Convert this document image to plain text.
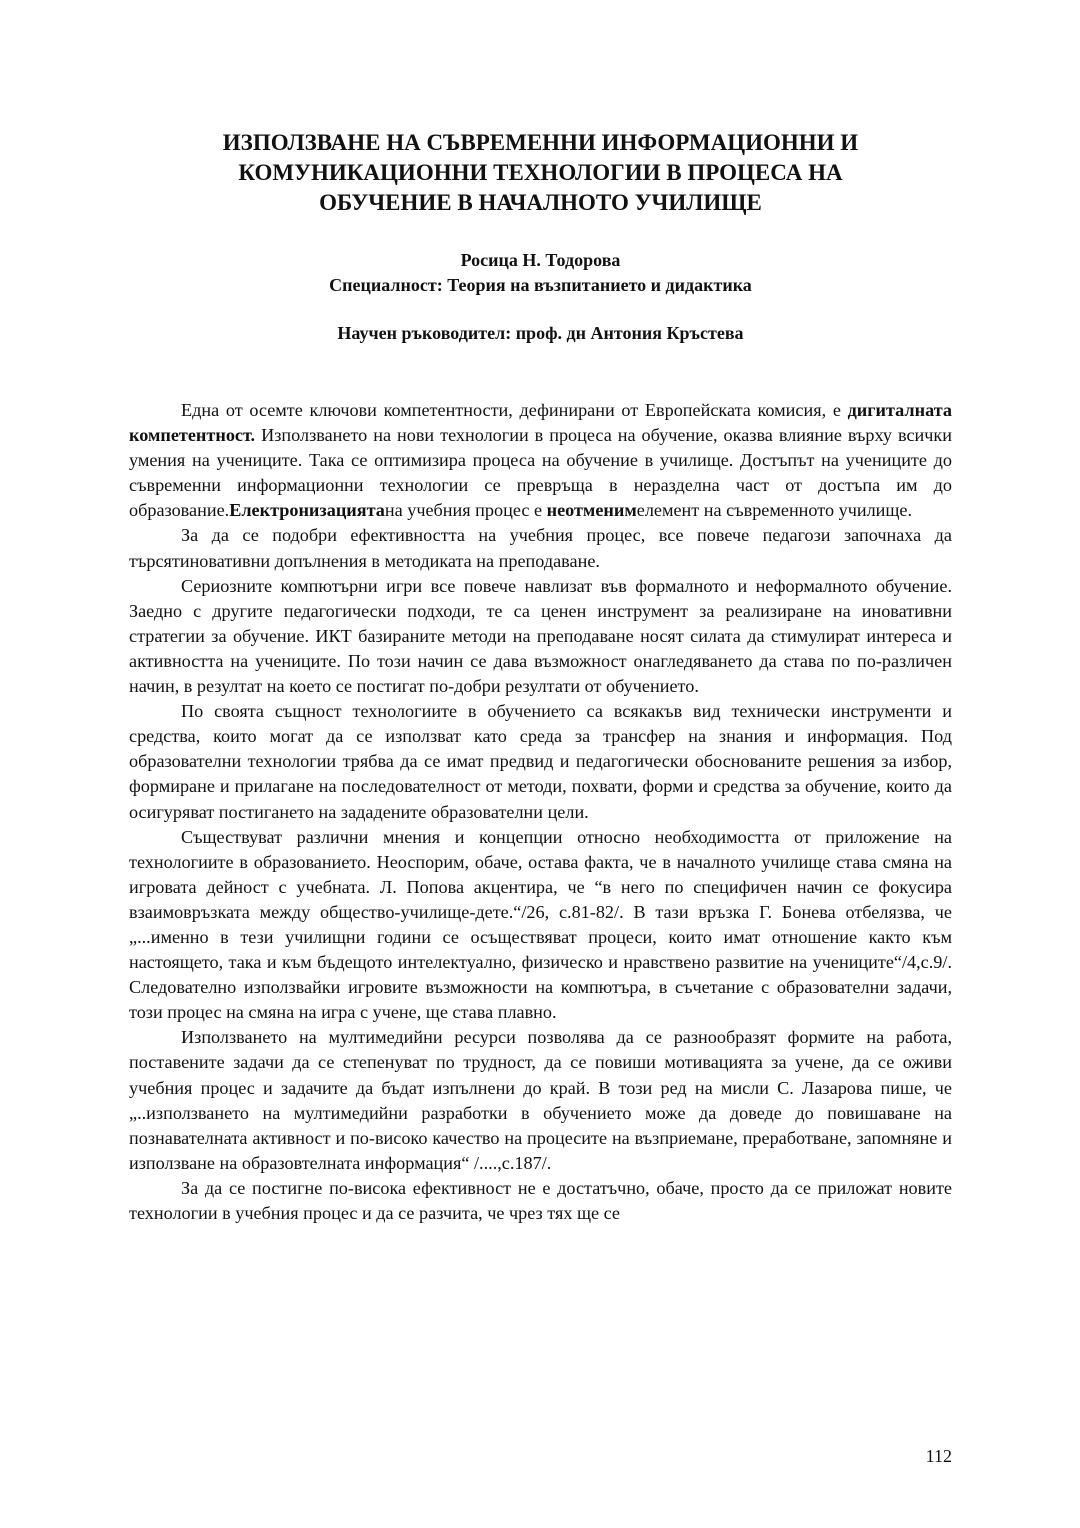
ИЗПОЛЗВАНЕ НА СЪВРЕМЕННИ ИНФОРМАЦИОННИ И
КОМУНИКАЦИОННИ ТЕХНОЛОГИИ В ПРОЦЕСА НА
ОБУЧЕНИЕ В НАЧАЛНОТО УЧИЛИЩЕ
Росица Н. Тодорова
Специалност: Теория на възпитанието и дидактика
Научен ръководител: проф. дн Антония Кръстева

Една от осемте ключови компетентности, дефинирани от Европейската комисия, е дигиталната компетентност. Използването на нови технологии в процеса на обучение, оказва влияние върху всички умения на учениците. Така се оптимизира процеса на обучение в училище. Достъпът на учениците до съвременни информационни технологии се превръща в неразделна част от достъпа им до образование.Електронизациятана учебния процес е неотменимелемент на съвременното училище.

За да се подобри ефективността на учебния процес, все повече педагози започнаха да търсятиновативни допълнения в методиката на преподаване.

Сериозните компютърни игри все повече навлизат във формалното и неформалното обучение. Заедно с другите педагогически подходи, те са ценен инструмент за реализиране на иновативни стратегии за обучение. ИКТ базираните методи на преподаване носят силата да стимулират интереса и активността на учениците. По този начин се дава възможност онагледяването да става по по-различен начин, в резултат на което се постигат по-добри резултати от обучението.

По своята същност технологиите в обучението са всякакъв вид технически инструменти и средства, които могат да се използват като среда за трансфер на знания и информация. Под образователни технологии трябва да се имат предвид и педагогически обоснованите решения за избор, формиране и прилагане на последователност от методи, похвати, форми и средства за обучение, които да осигуряват постигането на зададените образователни цели.

Съществуват различни мнения и концепции относно необходимостта от приложение на технологиите в образованието. Неоспорим, обаче, остава факта, че в началното училище става смяна на игровата дейност с учебната. Л. Попова акцентира, че “в него по специфичен начин се фокусира взаимовръзката между общество-училище-дете.“/26, с.81-82/. В тази връзка Г. Бонева отбелязва, че „...именно в тези училищни години се осъществяват процеси, които имат отношение както към настоящето, така и към бъдещото интелектуално, физическо и нравствено развитие на учениците“/4,с.9/. Следователно използвайки игровите възможности на компютъра, в съчетание с образователни задачи, този процес на смяна на игра с учене, ще става плавно.

Използването на мултимедийни ресурси позволява да се разнообразят формите на работа, поставените задачи да се степенуват по трудност, да се повиши мотивацията за учене, да се оживи учебния процес и задачите да бъдат изпълнени до край. В този ред на мисли С. Лазарова пише, че „..използването на мултимедийни разработки в обучението може да доведе до повишаване на познавателната активност и по-високо качество на процесите на възприемане, преработване, запомняне и използване на образовтелната информация“ /....,с.187/.

За да се постигне по-висока ефективност не е достатъчно, обаче, просто да се приложат новите технологии в учебния процес и да се разчита, че чрез тях ще се

112
